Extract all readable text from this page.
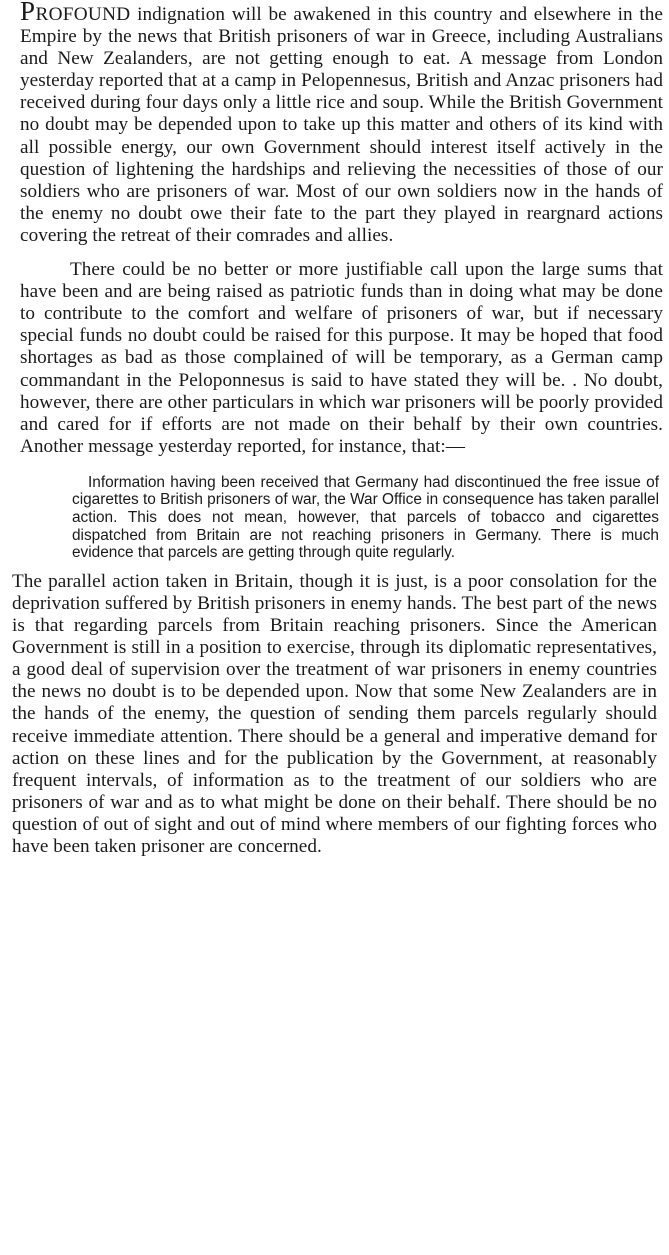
PROFOUND indignation will be awakened in this country and elsewhere in the Empire by the news that British prisoners of war in Greece, including Australians and New Zealanders, are not getting enough to eat. A message from London yesterday reported that at a camp in Pelopennesus, British and Anzac prisoners had received during four days only a little rice and soup. While the British Government no doubt may be depended upon to take up this matter and others of its kind with all possible energy, our own Government should interest itself actively in the question of lightening the hardships and relieving the necessities of those of our soldiers who are prisoners of war. Most of our own soldiers now in the hands of the enemy no doubt owe their fate to the part they played in reargnard actions covering the retreat of their comrades and allies.

There could be no better or more justifiable call upon the large sums that have been and are being raised as patriotic funds than in doing what may be done to contribute to the comfort and welfare of prisoners of war, but if necessary special funds no doubt could be raised for this purpose. It may be hoped that food shortages as bad as those complained of will be temporary, as a German camp commandant in the Peloponnesus is said to have stated they will be. . No doubt, however, there are other particulars in which war prisoners will be poorly provided and cared for if efforts are not made on their behalf by their own countries. Another message yesterday reported, for instance, that:—

Information having been received that Germany had discontinued the free issue of cigarettes to British prisoners of war, the War Office in consequence has taken parallel action. This does not mean, however, that parcels of tobacco and cigarettes dispatched from Britain are not reaching prisoners in Germany. There is much evidence that parcels are getting through quite regularly.

The parallel action taken in Britain, though it is just, is a poor consolation for the deprivation suffered by British prisoners in enemy hands. The best part of the news is that regarding parcels from Britain reaching prisoners. Since the American Government is still in a position to exercise, through its diplomatic representatives, a good deal of supervision over the treatment of war prisoners in enemy countries the news no doubt is to be depended upon. Now that some New Zealanders are in the hands of the enemy, the question of sending them parcels regularly should receive immediate attention. There should be a general and imperative demand for action on these lines and for the publication by the Government, at reasonably frequent intervals, of information as to the treatment of our soldiers who are prisoners of war and as to what might be done on their behalf. There should be no question of out of sight and out of mind where members of our fighting forces who have been taken prisoner are concerned.
